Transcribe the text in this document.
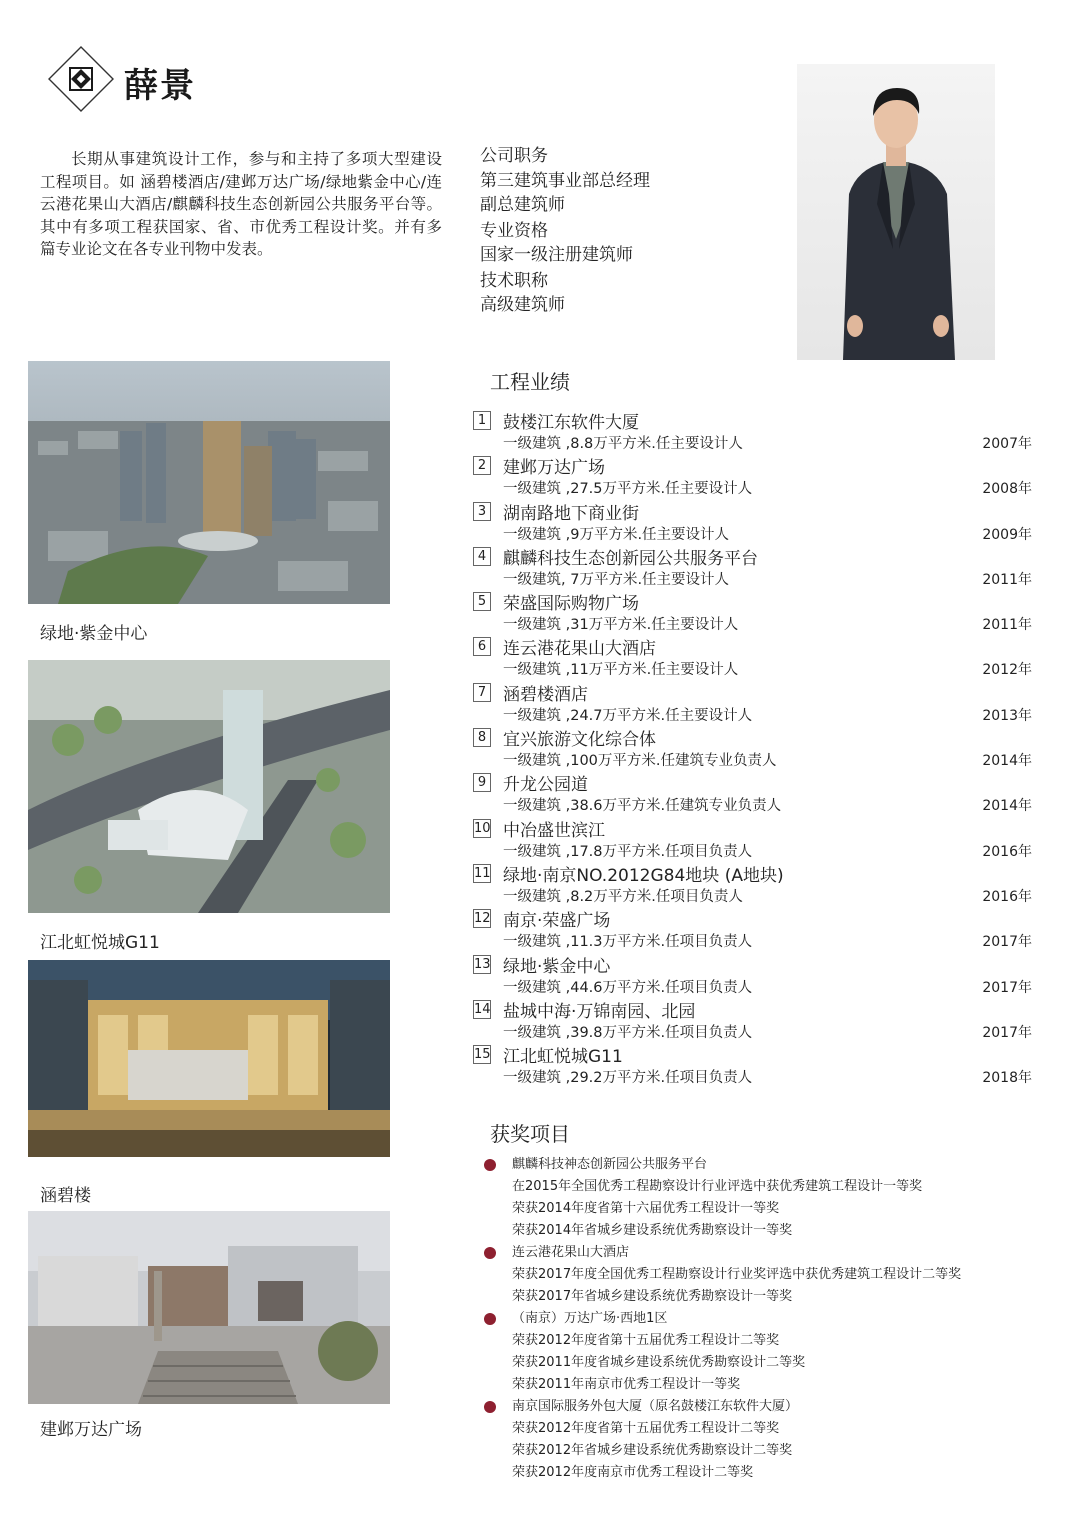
薛景
长期从事建筑设计工作，参与和主持了多项大型建设工程项目。如 涵碧楼酒店/建邺万达广场/绿地紫金中心/连云港花果山大酒店/麒麟科技生态创新园公共服务平台等。其中有多项工程获国家、省、市优秀工程设计奖。并有多篇专业论文在各专业刊物中发表。
公司职务
第三建筑事业部总经理
副总建筑师
专业资格
国家一级注册建筑师
技术职称
高级建筑师
绿地·紫金中心
江北虹悦城G11
涵碧楼
建邺万达广场
工程业绩
1 鼓楼江东软件大厦
一级建筑 ,8.8万平方米.任主要设计人	2007年
2 建邺万达广场
一级建筑 ,27.5万平方米.任主要设计人	2008年
3 湖南路地下商业街
一级建筑 ,9万平方米.任主要设计人	2009年
4 麒麟科技生态创新园公共服务平台
一级建筑, 7万平方米.任主要设计人	2011年
5 荣盛国际购物广场
一级建筑 ,31万平方米.任主要设计人	2011年
6 连云港花果山大酒店
一级建筑 ,11万平方米.任主要设计人	2012年
7 涵碧楼酒店
一级建筑 ,24.7万平方米.任主要设计人	2013年
8 宜兴旅游文化综合体
一级建筑 ,100万平方米.任建筑专业负责人	2014年
9 升龙公园道
一级建筑 ,38.6万平方米.任建筑专业负责人	2014年
10 中冶盛世滨江
一级建筑 ,17.8万平方米.任项目负责人	2016年
11 绿地·南京NO.2012G84地块 (A地块)
一级建筑 ,8.2万平方米.任项目负责人	2016年
12 南京·荣盛广场
一级建筑 ,11.3万平方米.任项目负责人	2017年
13 绿地·紫金中心
一级建筑 ,44.6万平方米.任项目负责人	2017年
14 盐城中海·万锦南园、北园
一级建筑 ,39.8万平方米.任项目负责人	2017年
15 江北虹悦城G11
一级建筑 ,29.2万平方米.任项目负责人	2018年
获奖项目
麒麟科技神态创新园公共服务平台
在2015年全国优秀工程勘察设计行业评选中获优秀建筑工程设计一等奖
荣获2014年度省第十六届优秀工程设计一等奖
荣获2014年省城乡建设系统优秀勘察设计一等奖
连云港花果山大酒店
荣获2017年度全国优秀工程勘察设计行业奖评选中获优秀建筑工程设计二等奖
荣获2017年省城乡建设系统优秀勘察设计一等奖
（南京）万达广场·西地1区
荣获2012年度省第十五届优秀工程设计二等奖
荣获2011年度省城乡建设系统优秀勘察设计二等奖
荣获2011年南京市优秀工程设计一等奖
南京国际服务外包大厦（原名鼓楼江东软件大厦）
荣获2012年度省第十五届优秀工程设计二等奖
荣获2012年省城乡建设系统优秀勘察设计二等奖
荣获2012年度南京市优秀工程设计二等奖
